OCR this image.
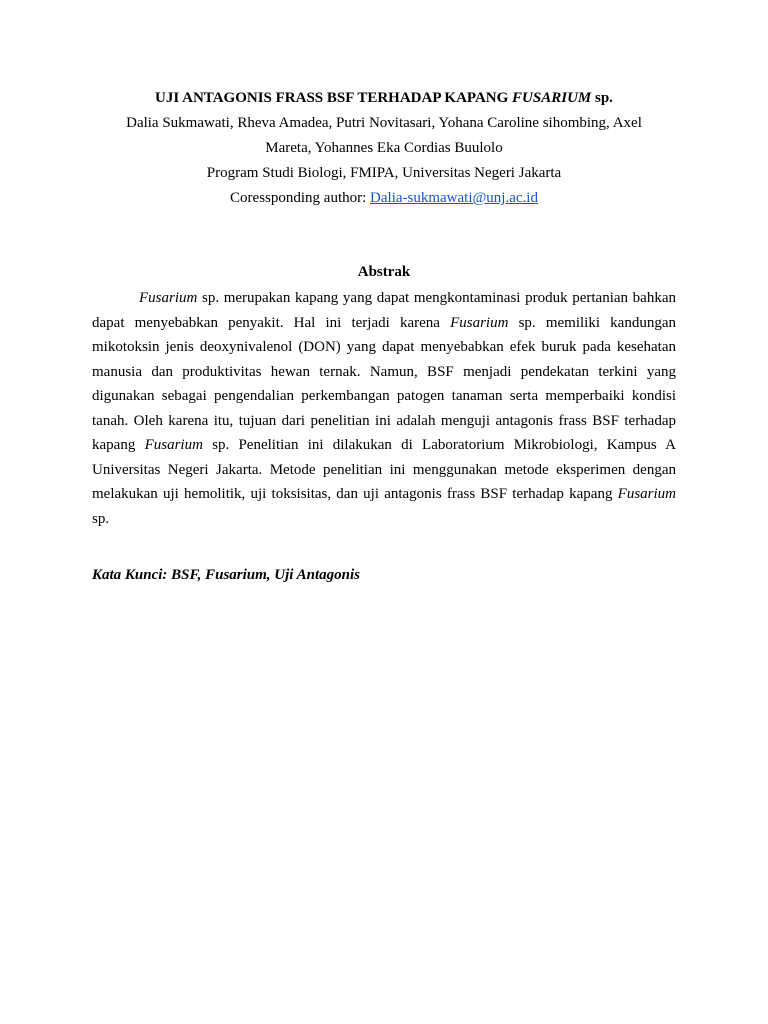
UJI ANTAGONIS FRASS BSF TERHADAP KAPANG FUSARIUM sp.

Dalia Sukmawati, Rheva Amadea, Putri Novitasari, Yohana Caroline sihombing, Axel
Mareta, Yohannes Eka Cordias Buulolo

Program Studi Biologi, FMIPA, Universitas Negeri Jakarta

Coressponding author: Dalia-sukmawati@unj.ac.id

Abstrak

Fusarium sp. merupakan kapang yang dapat mengkontaminasi produk pertanian bahkan dapat menyebabkan penyakit. Hal ini terjadi karena Fusarium sp. memiliki kandungan mikotoksin jenis deoxynivalenol (DON) yang dapat menyebabkan efek buruk pada kesehatan manusia dan produktivitas hewan ternak. Namun, BSF menjadi pendekatan terkini yang digunakan sebagai pengendalian perkembangan patogen tanaman serta memperbaiki kondisi tanah. Oleh karena itu, tujuan dari penelitian ini adalah menguji antagonis frass BSF terhadap kapang Fusarium sp. Penelitian ini dilakukan di Laboratorium Mikrobiologi, Kampus A Universitas Negeri Jakarta. Metode penelitian ini menggunakan metode eksperimen dengan melakukan uji hemolitik, uji toksisitas, dan uji antagonis frass BSF terhadap kapang Fusarium sp.

Kata Kunci: BSF, Fusarium, Uji Antagonis
